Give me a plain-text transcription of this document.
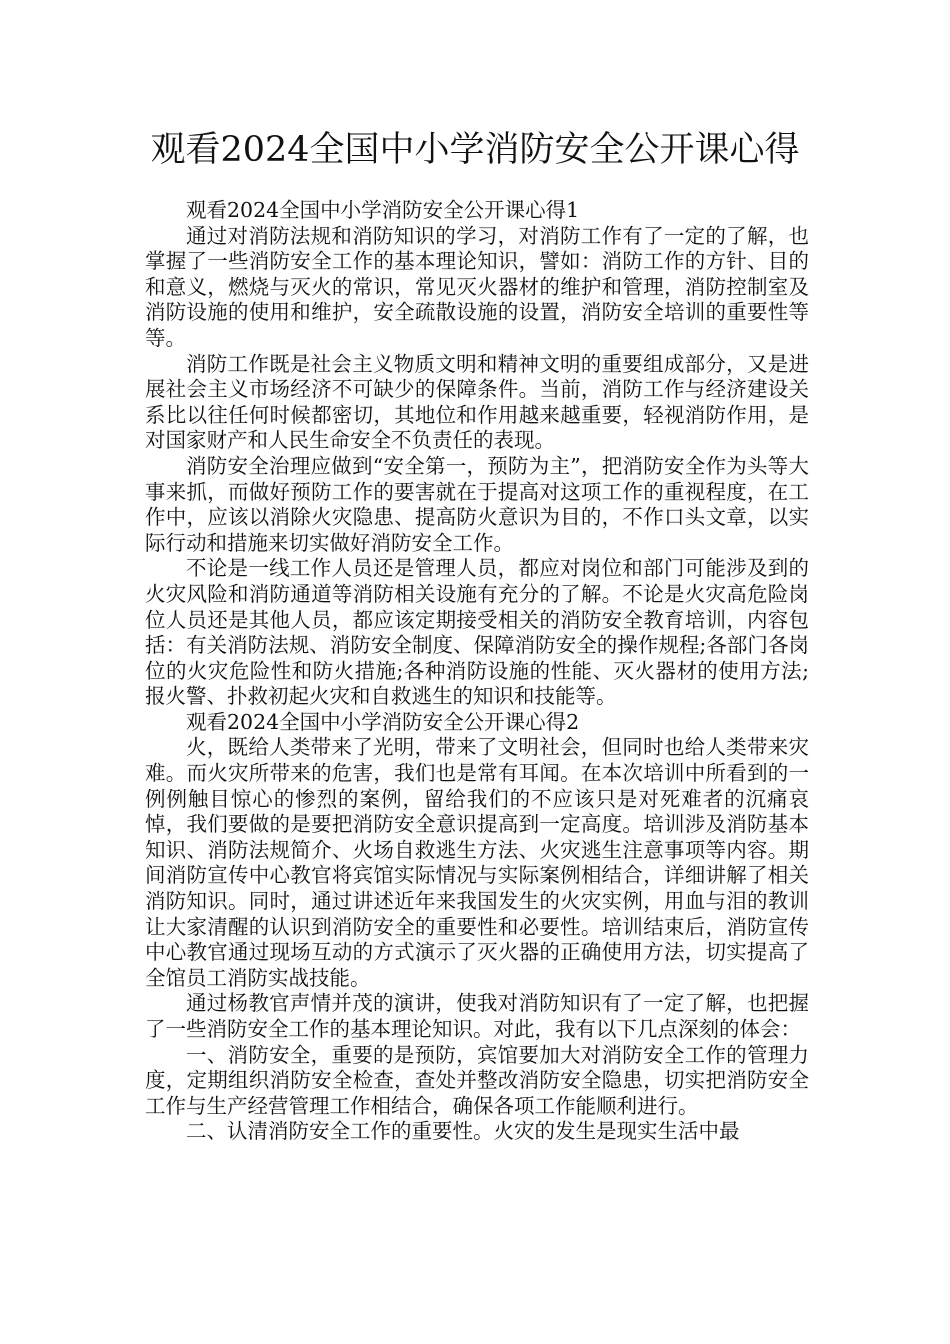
观看2024全国中小学消防安全公开课心得

观看2024全国中小学消防安全公开课心得1

通过对消防法规和消防知识的学习，对消防工作有了一定的了解，也掌握了一些消防安全工作的基本理论知识，譬如：消防工作的方针、目的和意义，燃烧与灭火的常识，常见灭火器材的维护和管理，消防控制室及消防设施的使用和维护，安全疏散设施的设置，消防安全培训的重要性等等。

消防工作既是社会主义物质文明和精神文明的重要组成部分，又是进展社会主义市场经济不可缺少的保障条件。当前，消防工作与经济建设关系比以往任何时候都密切，其地位和作用越来越重要，轻视消防作用，是对国家财产和人民生命安全不负责任的表现。

消防安全治理应做到“安全第一，预防为主”，把消防安全作为头等大事来抓，而做好预防工作的要害就在于提高对这项工作的重视程度，在工作中，应该以消除火灾隐患、提高防火意识为目的，不作口头文章，以实际行动和措施来切实做好消防安全工作。

不论是一线工作人员还是管理人员，都应对岗位和部门可能涉及到的火灾风险和消防通道等消防相关设施有充分的了解。不论是火灾高危险岗位人员还是其他人员，都应该定期接受相关的消防安全教育培训，内容包括：有关消防法规、消防安全制度、保障消防安全的操作规程;各部门各岗位的火灾危险性和防火措施;各种消防设施的性能、灭火器材的使用方法;报火警、扑救初起火灾和自救逃生的知识和技能等。

观看2024全国中小学消防安全公开课心得2

火，既给人类带来了光明，带来了文明社会，但同时也给人类带来灾难。而火灾所带来的危害，我们也是常有耳闻。在本次培训中所看到的一例例触目惊心的惨烈的案例，留给我们的不应该只是对死难者的沉痛哀悼，我们要做的是要把消防安全意识提高到一定高度。培训涉及消防基本知识、消防法规简介、火场自救逃生方法、火灾逃生注意事项等内容。期间消防宣传中心教官将宾馆实际情况与实际案例相结合，详细讲解了相关消防知识。同时，通过讲述近年来我国发生的火灾实例，用血与泪的教训让大家清醒的认识到消防安全的重要性和必要性。培训结束后，消防宣传中心教官通过现场互动的方式演示了灭火器的正确使用方法，切实提高了全馆员工消防实战技能。

通过杨教官声情并茂的演讲，使我对消防知识有了一定了解，也把握了一些消防安全工作的基本理论知识。对此，我有以下几点深刻的体会：

一、消防安全，重要的是预防，宾馆要加大对消防安全工作的管理力度，定期组织消防安全检查，查处并整改消防安全隐患，切实把消防安全工作与生产经营管理工作相结合，确保各项工作能顺利进行。

二、认清消防安全工作的重要性。火灾的发生是现实生活中最
